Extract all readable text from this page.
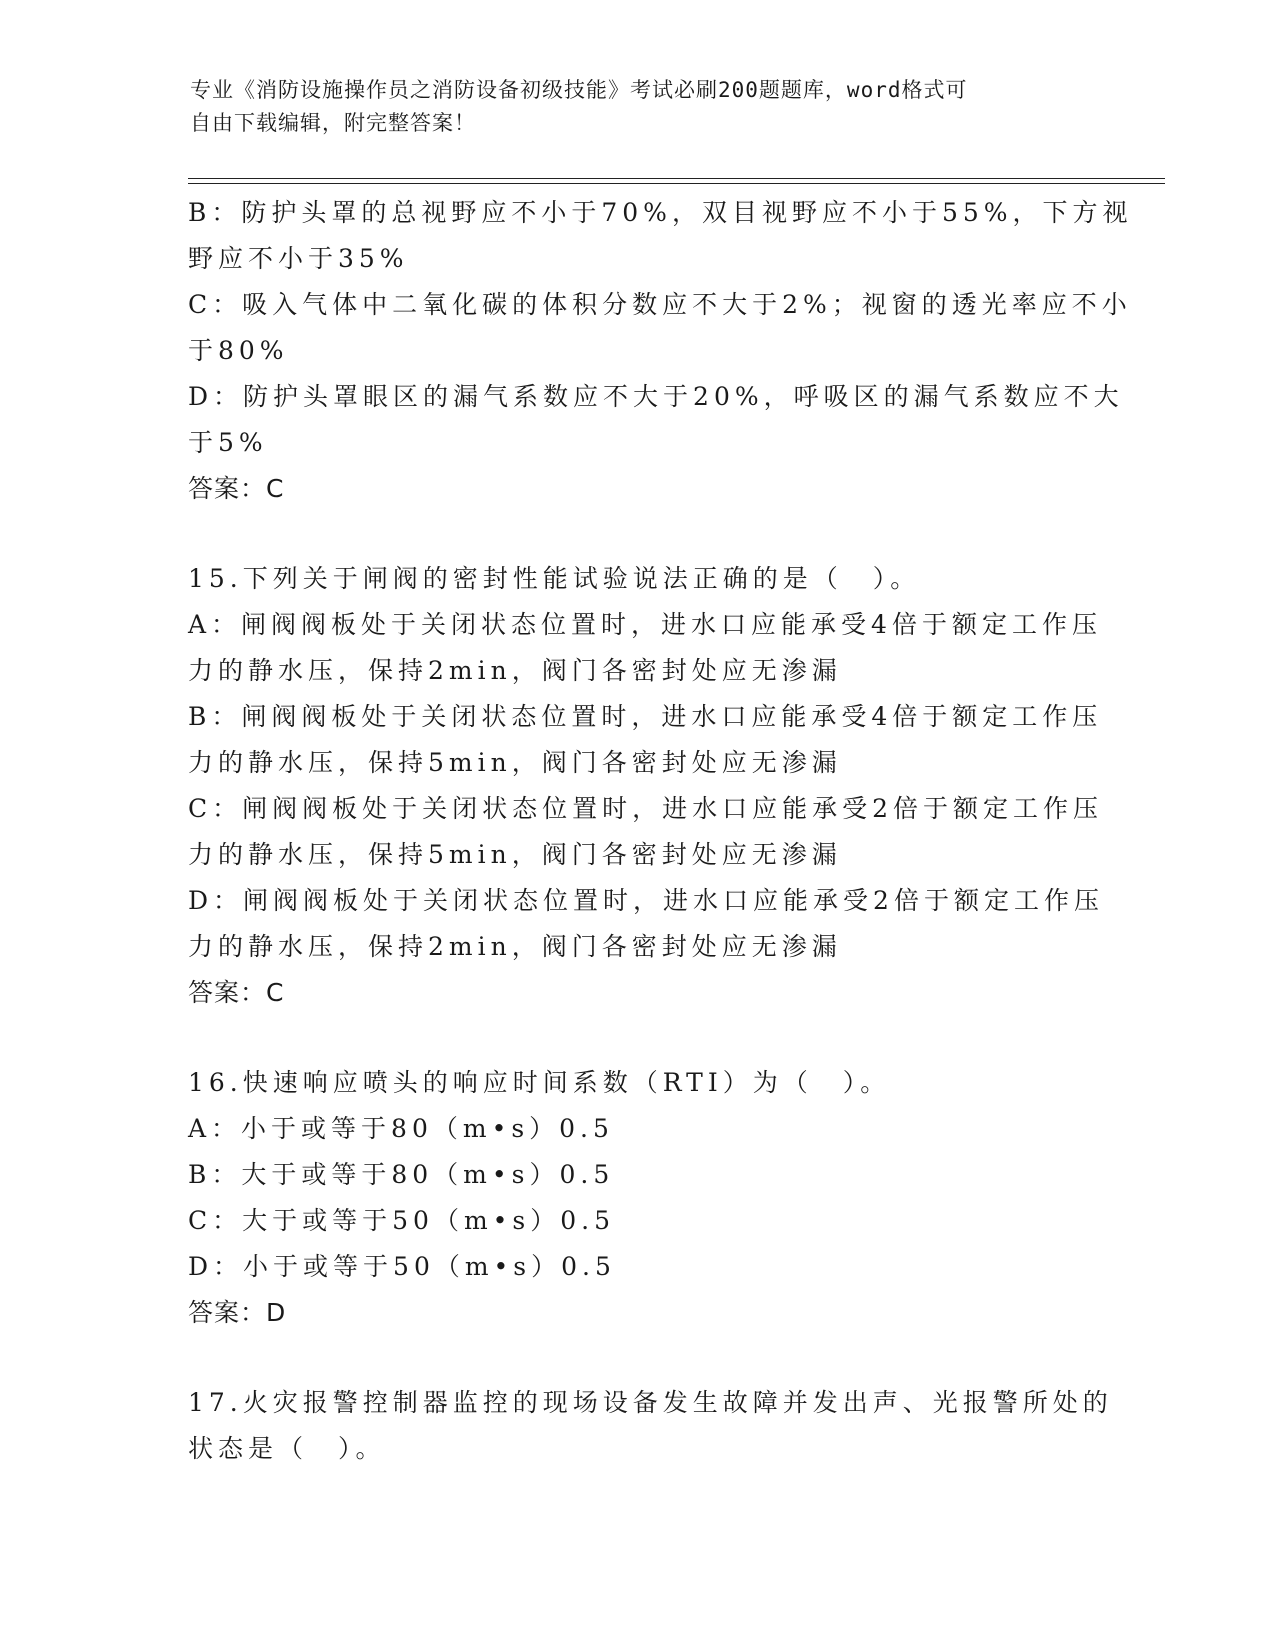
专业《消防设施操作员之消防设备初级技能》考试必刷200题题库，word格式可
自由下载编辑，附完整答案！
B：防护头罩的总视野应不小于70%，双目视野应不小于55%，下方视
野应不小于35%
C：吸入气体中二氧化碳的体积分数应不大于2%；视窗的透光率应不小
于80%
D：防护头罩眼区的漏气系数应不大于20%，呼吸区的漏气系数应不大
于5%
答案：C
15.下列关于闸阀的密封性能试验说法正确的是（　）。
A：闸阀阀板处于关闭状态位置时，进水口应能承受4倍于额定工作压
力的静水压，保持2min，阀门各密封处应无渗漏
B：闸阀阀板处于关闭状态位置时，进水口应能承受4倍于额定工作压
力的静水压，保持5min，阀门各密封处应无渗漏
C：闸阀阀板处于关闭状态位置时，进水口应能承受2倍于额定工作压
力的静水压，保持5min，阀门各密封处应无渗漏
D：闸阀阀板处于关闭状态位置时，进水口应能承受2倍于额定工作压
力的静水压，保持2min，阀门各密封处应无渗漏
答案：C
16.快速响应喷头的响应时间系数（RTI）为（　）。
A：小于或等于80（m•s）0.5
B：大于或等于80（m•s）0.5
C：大于或等于50（m•s）0.5
D：小于或等于50（m•s）0.5
答案：D
17.火灾报警控制器监控的现场设备发生故障并发出声、光报警所处的
状态是（　）。
